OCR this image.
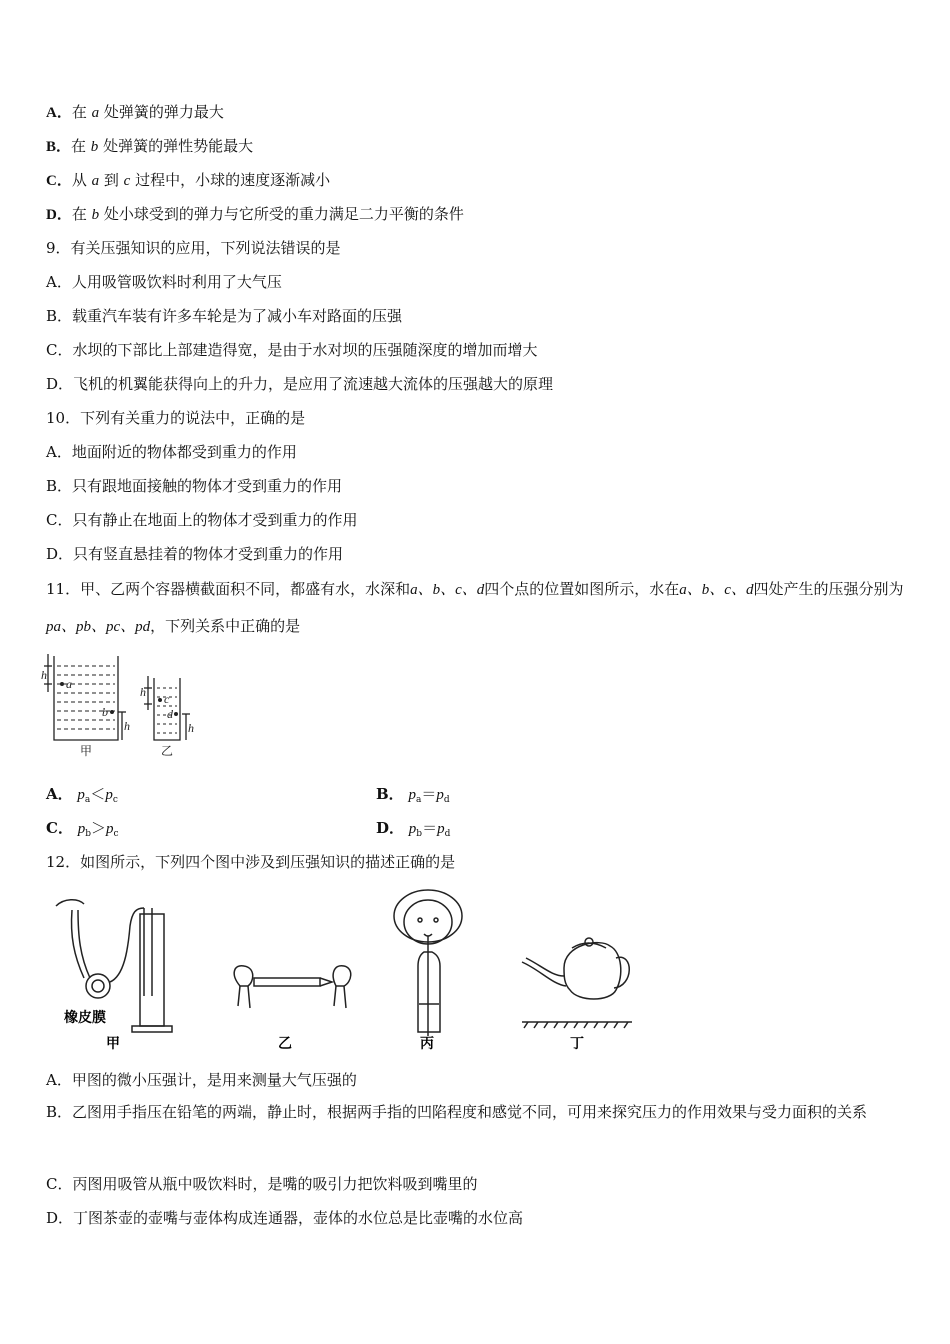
A．在 a 处弹簧的弹力最大
B．在 b 处弹簧的弹性势能最大
C．从 a 到 c 过程中，小球的速度逐渐减小
D．在 b 处小球受到的弹力与它所受的重力满足二力平衡的条件
9．有关压强知识的应用，下列说法错误的是
A．人用吸管吸饮料时利用了大气压
B．载重汽车装有许多车轮是为了减小车对路面的压强
C．水坝的下部比上部建造得宽，是由于水对坝的压强随深度的增加而增大
D．飞机的机翼能获得向上的升力，是应用了流速越大流体的压强越大的原理
10．下列有关重力的说法中，正确的是
A．地面附近的物体都受到重力的作用
B．只有跟地面接触的物体才受到重力的作用
C．只有静止在地面上的物体才受到重力的作用
D．只有竖直悬挂着的物体才受到重力的作用
11．甲、乙两个容器横截面积不同，都盛有水，水深和a、b、c、d四个点的位置如图所示，水在a、b、c、d四处产生的压强分别为pa、pb、pc、pd，下列关系中正确的是
h
a
b
h
h c
d
h
甲	乙
A． $p_a<p_c$	B． $p_a=p_d$
C． $p_b>p_c$	D． $p_b=p_d$
12．如图所示，下列四个图中涉及到压强知识的描述正确的是
橡皮膜
甲	乙	丙	丁
A．甲图的微小压强计，是用来测量大气压强的
B．乙图用手指压在铅笔的两端，静止时，根据两手指的凹陷程度和感觉不同，可用来探究压力的作用效果与受力面积的关系
C．丙图用吸管从瓶中吸饮料时，是嘴的吸引力把饮料吸到嘴里的
D．丁图茶壶的壶嘴与壶体构成连通器，壶体的水位总是比壶嘴的水位高
